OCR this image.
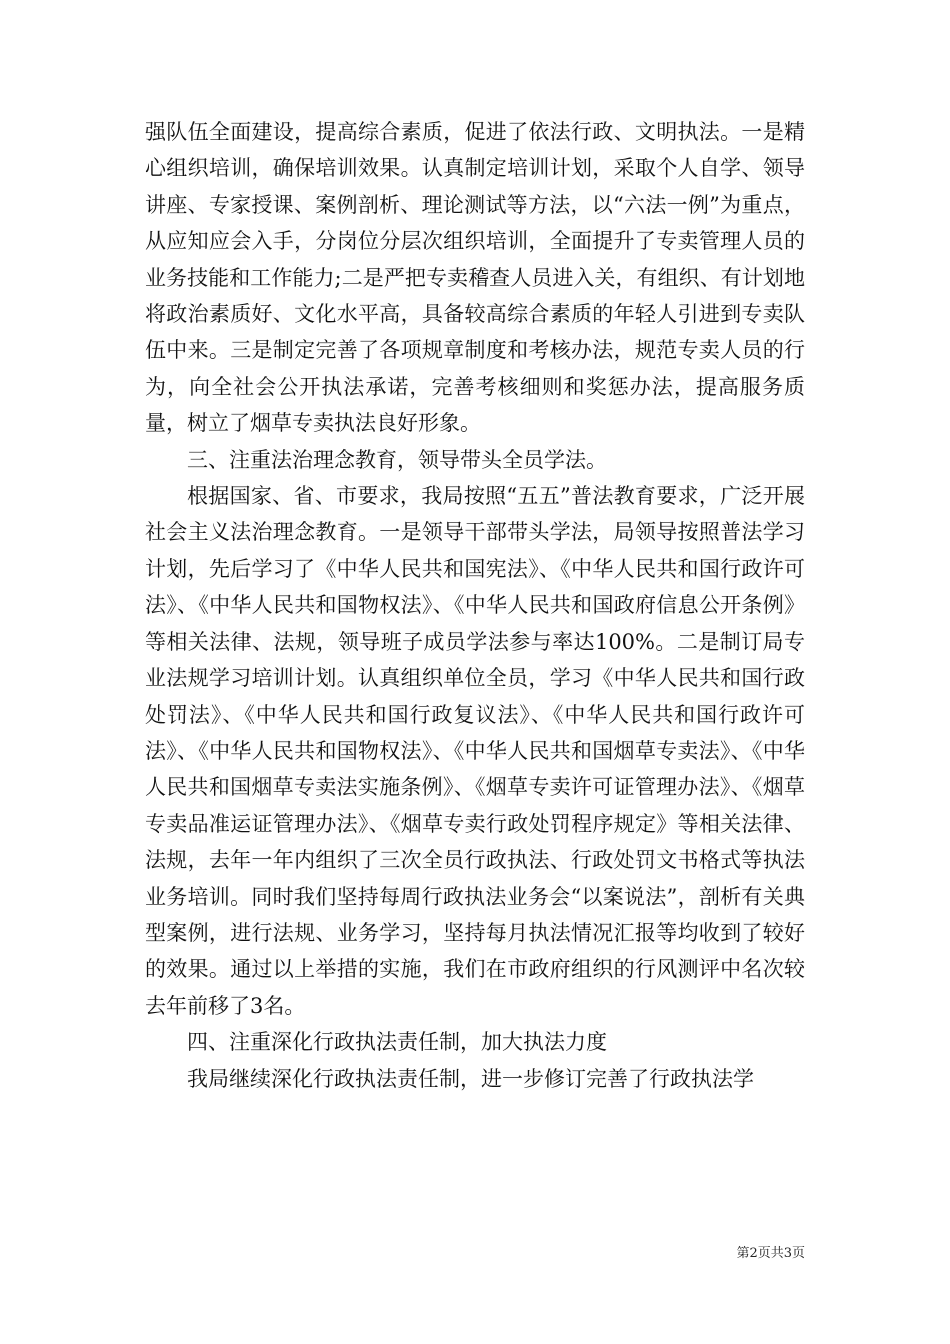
强队伍全面建设，提高综合素质，促进了依法行政、文明执法。一是精心组织培训，确保培训效果。认真制定培训计划，采取个人自学、领导讲座、专家授课、案例剖析、理论测试等方法，以“六法一例”为重点，从应知应会入手，分岗位分层次组织培训，全面提升了专卖管理人员的业务技能和工作能力;二是严把专卖稽查人员进入关，有组织、有计划地将政治素质好、文化水平高，具备较高综合素质的年轻人引进到专卖队伍中来。三是制定完善了各项规章制度和考核办法，规范专卖人员的行为，向全社会公开执法承诺，完善考核细则和奖惩办法，提高服务质量，树立了烟草专卖执法良好形象。

三、注重法治理念教育，领导带头全员学法。

根据国家、省、市要求，我局按照“五五”普法教育要求，广泛开展社会主义法治理念教育。一是领导干部带头学法，局领导按照普法学习计划，先后学习了《中华人民共和国宪法》、《中华人民共和国行政许可法》、《中华人民共和国物权法》、《中华人民共和国政府信息公开条例》等相关法律、法规，领导班子成员学法参与率达100%。二是制订局专业法规学习培训计划。认真组织单位全员，学习《中华人民共和国行政处罚法》、《中华人民共和国行政复议法》、《中华人民共和国行政许可法》、《中华人民共和国物权法》、《中华人民共和国烟草专卖法》、《中华人民共和国烟草专卖法实施条例》、《烟草专卖许可证管理办法》、《烟草专卖品准运证管理办法》、《烟草专卖行政处罚程序规定》等相关法律、法规，去年一年内组织了三次全员行政执法、行政处罚文书格式等执法业务培训。同时我们坚持每周行政执法业务会“以案说法”，剖析有关典型案例，进行法规、业务学习，坚持每月执法情况汇报等均收到了较好的效果。通过以上举措的实施，我们在市政府组织的行风测评中名次较去年前移了3名。

四、注重深化行政执法责任制，加大执法力度

我局继续深化行政执法责任制，进一步修订完善了行政执法学

第2页共3页
